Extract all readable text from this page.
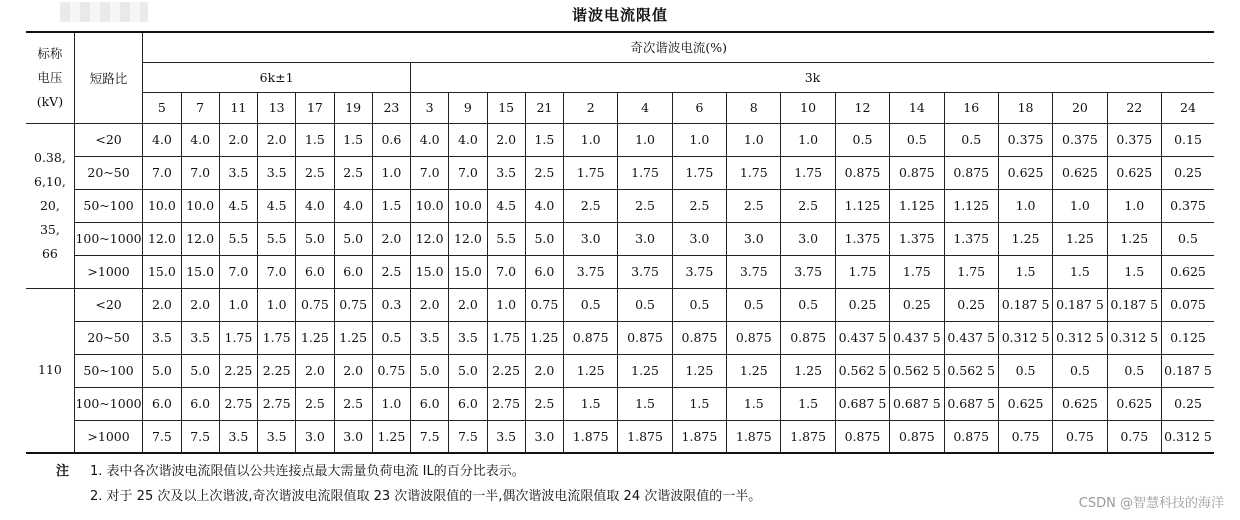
谐波电流限值
标称
电压
(kV)	短路比	奇次谐波电流(%)																						
		6k±1							3k															
		5	7	11	13	17	19	23	3	9	15	21	2	4	6	8	10	12	14	16	18	20	22	24

0.38,
6,10,
20,
35,
66	<20	4.0	4.0	2.0	2.0	1.5	1.5	0.6	4.0	4.0	2.0	1.5	1.0	1.0	1.0	1.0	1.0	0.5	0.5	0.5	0.375	0.375	0.375	0.15
	20~50	7.0	7.0	3.5	3.5	2.5	2.5	1.0	7.0	7.0	3.5	2.5	1.75	1.75	1.75	1.75	1.75	0.875	0.875	0.875	0.625	0.625	0.625	0.25
	50~100	10.0	10.0	4.5	4.5	4.0	4.0	1.5	10.0	10.0	4.5	4.0	2.5	2.5	2.5	2.5	2.5	1.125	1.125	1.125	1.0	1.0	1.0	0.375
	100~1000	12.0	12.0	5.5	5.5	5.0	5.0	2.0	12.0	12.0	5.5	5.0	3.0	3.0	3.0	3.0	3.0	1.375	1.375	1.375	1.25	1.25	1.25	0.5
	>1000	15.0	15.0	7.0	7.0	6.0	6.0	2.5	15.0	15.0	7.0	6.0	3.75	3.75	3.75	3.75	3.75	1.75	1.75	1.75	1.5	1.5	1.5	0.625

110	<20	2.0	2.0	1.0	1.0	0.75	0.75	0.3	2.0	2.0	1.0	0.75	0.5	0.5	0.5	0.5	0.5	0.25	0.25	0.25	0.187 5	0.187 5	0.187 5	0.075
	20~50	3.5	3.5	1.75	1.75	1.25	1.25	0.5	3.5	3.5	1.75	1.25	0.875	0.875	0.875	0.875	0.875	0.437 5	0.437 5	0.437 5	0.312 5	0.312 5	0.312 5	0.125
	50~100	5.0	5.0	2.25	2.25	2.0	2.0	0.75	5.0	5.0	2.25	2.0	1.25	1.25	1.25	1.25	1.25	0.562 5	0.562 5	0.562 5	0.5	0.5	0.5	0.187 5
	100~1000	6.0	6.0	2.75	2.75	2.5	2.5	1.0	6.0	6.0	2.75	2.5	1.5	1.5	1.5	1.5	1.5	0.687 5	0.687 5	0.687 5	0.625	0.625	0.625	0.25
	>1000	7.5	7.5	3.5	3.5	3.0	3.0	1.25	7.5	7.5	3.5	3.0	1.875	1.875	1.875	1.875	1.875	0.875	0.875	0.875	0.75	0.75	0.75	0.312 5
注	1. 表中各次谐波电流限值以公共连接点最大需量负荷电流 IL的百分比表示。
2. 对于 25 次及以上次谐波,奇次谐波电流限值取 23 次谐波限值的一半,偶次谐波电流限值取 24 次谐波限值的一半。	CSDN @智慧科技的海洋
